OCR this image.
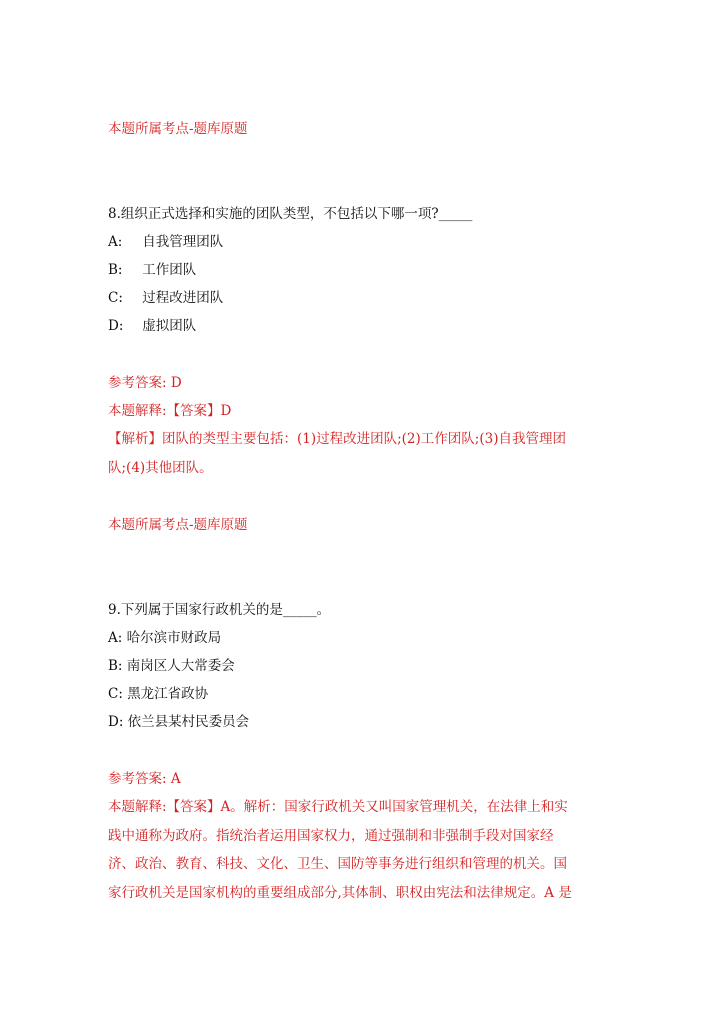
本题所属考点-题库原题
8.组织正式选择和实施的团队类型，不包括以下哪一项?_____
A: 自我管理团队
B: 工作团队
C: 过程改进团队
D: 虚拟团队
参考答案: D
本题解释:【答案】D
【解析】团队的类型主要包括：(1)过程改进团队;(2)工作团队;(3)自我管理团
队;(4)其他团队。
本题所属考点-题库原题
9.下列属于国家行政机关的是_____。
A: 哈尔滨市财政局
B: 南岗区人大常委会
C: 黑龙江省政协
D: 依兰县某村民委员会
参考答案: A
本题解释:【答案】A。解析：国家行政机关又叫国家管理机关，在法律上和实
践中通称为政府。指统治者运用国家权力，通过强制和非强制手段对国家经
济、政治、教育、科技、文化、卫生、国防等事务进行组织和管理的机关。国
家行政机关是国家机构的重要组成部分,其体制、职权由宪法和法律规定。A 是
